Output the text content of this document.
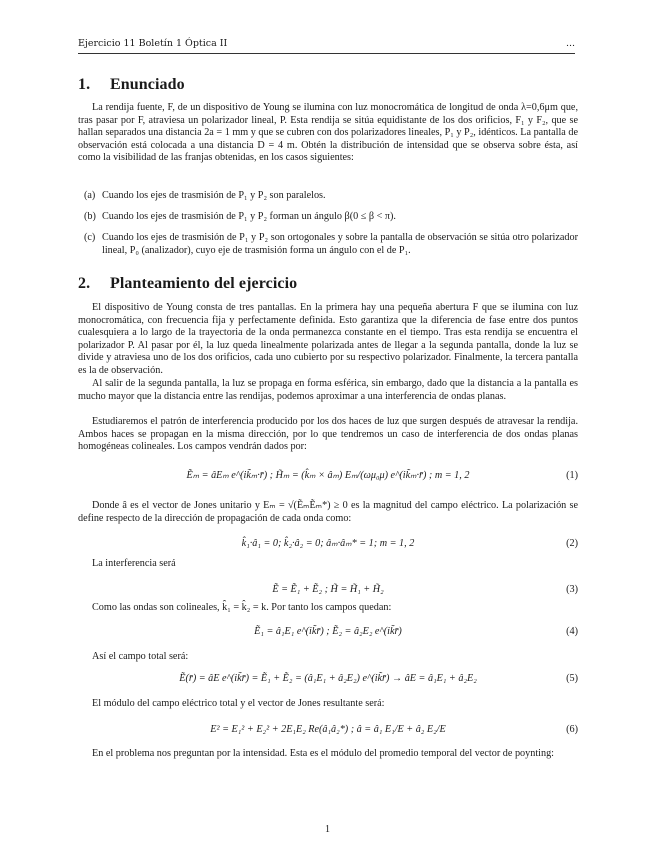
Ejercicio 11 Boletín 1 Óptica II	...
1. Enunciado

La rendija fuente, F, de un dispositivo de Young se ilumina con luz monocromática de longitud de onda λ=0,6μm que, tras pasar por F, atraviesa un polarizador lineal, P. Esta rendija se sitúa equidistante de los dos orificios, F₁ y F₂, que se hallan separados una distancia 2a = 1 mm y que se cubren con dos polarizadores lineales, P₁ y P₂, idénticos. La pantalla de observación está colocada a una distancia D = 4 m. Obtén la distribución de intensidad que se observa sobre ésta, así como la visibilidad de las franjas obtenidas, en los casos siguientes:

(a) Cuando los ejes de trasmisión de P₁ y P₂ son paralelos.
(b) Cuando los ejes de trasmisión de P₁ y P₂ forman un ángulo β(0 ≤ β < π).
(c) Cuando los ejes de trasmisión de P₁ y P₂ son ortogonales y sobre la pantalla de observación se sitúa otro polarizador lineal, P₀ (analizador), cuyo eje de trasmisión forma un ángulo con el de P₁.
2. Planteamiento del ejercicio

El dispositivo de Young consta de tres pantallas. En la primera hay una pequeña abertura F que se ilumina con luz monocromática, con frecuencia fija y perfectamente definida. Esto garantiza que la diferencia de fase entre dos puntos cualesquiera a lo largo de la trayectoria de la onda permanezca constante en el tiempo. Tras esta rendija se encuentra el polarizador P. Al pasar por él, la luz queda linealmente polarizada antes de llegar a la segunda pantalla, donde la luz se divide y atraviesa uno de los dos orificios, cada uno cubierto por su respectivo polarizador. Finalmente, la tercera pantalla es la de observación.

Al salir de la segunda pantalla, la luz se propaga en forma esférica, sin embargo, dado que la distancia a la pantalla es mucho mayor que la distancia entre las rendijas, podemos aproximar a una interferencia de ondas planas.

Estudiaremos el patrón de interferencia producido por los dos haces de luz que surgen después de atravesar la rendija. Ambos haces se propagan en la misma dirección, por lo que tendremos un caso de interferencia de dos ondas planas homogéneas colineales. Los campos vendrán dados por:

Ẽₘ = âEₘ e^(ik̃ₘ·r̄) ; H̃ₘ = (k̂ₘ × âₘ) Eₘ/(ωμ₀μ) e^(ik̃ₘ·r̄) ; m = 1, 2	(1)

Donde â es el vector de Jones unitario y Eₘ = √(ẼₘẼₘ*) ≥ 0 es la magnitud del campo eléctrico. La polarización se define respecto de la dirección de propagación de cada onda como:

k̂₁·â₁ = 0; k̂₂·â₂ = 0; âₘ·âₘ* = 1; m = 1, 2	(2)

La interferencia será

Ẽ = Ẽ₁ + Ẽ₂ ; H̃ = H̃₁ + H̃₂	(3)

Como las ondas son colineales, k̂₁ = k̂₂ = k. Por tanto los campos quedan:

Ẽ₁ = â₁E₁ e^(ik̃r̄) ; Ẽ₂ = â₂E₂ e^(ik̃r̄)	(4)

Así el campo total será:

Ẽ(r̄) = âE e^(ik̃r̄) = Ẽ₁ + Ẽ₂ = (â₁E₁ + â₂E₂) e^(ik̃r̄) → âE = â₁E₁ + â₂E₂	(5)

El módulo del campo eléctrico total y el vector de Jones resultante será:

E² = E₁² + E₂² + 2E₁E₂ Re(â₁â₂*) ; â = â₁ E₁/E + â₂ E₂/E	(6)

En el problema nos preguntan por la intensidad. Esta es el módulo del promedio temporal del vector de poynting:

1
